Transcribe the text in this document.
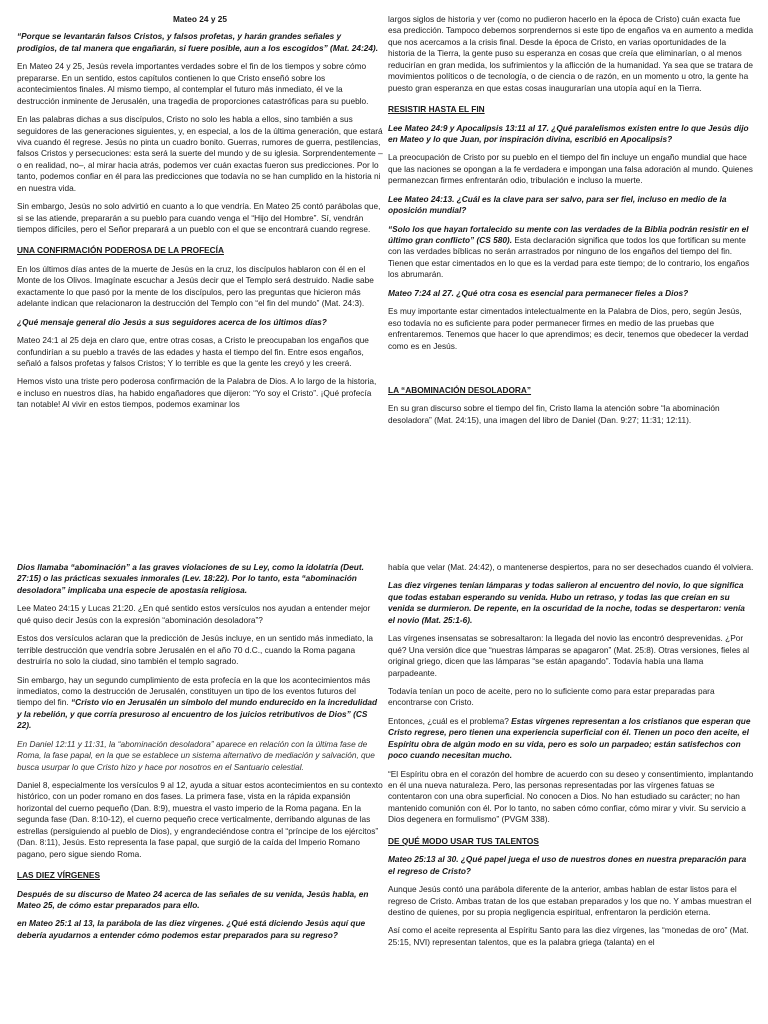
Mateo 24 y 25

“Porque se levantarán falsos Cristos, y falsos profetas, y harán grandes señales y prodigios, de tal manera que engañarán, si fuere posible, aun a los escogidos” (Mat. 24:24).

En Mateo 24 y 25, Jesús revela importantes verdades sobre el fin de los tiempos y sobre cómo prepararse. En un sentido, estos capítulos contienen lo que Cristo enseñó sobre los acontecimientos finales. Al mismo tiempo, al contemplar el futuro más inmediato, él ve la destrucción inminente de Jerusalén, una tragedia de proporciones catastróficas para su pueblo.

En las palabras dichas a sus discípulos, Cristo no solo les habla a ellos, sino también a sus seguidores de las generaciones siguientes, y, en especial, a los de la última generación, que estará viva cuando él regrese. Jesús no pinta un cuadro bonito. Guerras, rumores de guerra, pestilencias, falsos Cristos y persecuciones: esta será la suerte del mundo y de su iglesia. Sorprendentemente –o en realidad, no–, al mirar hacia atrás, podemos ver cuán exactas fueron sus predicciones. Por lo tanto, podemos confiar en él para las predicciones que todavía no se han cumplido en la historia ni en nuestra vida.

Sin embargo, Jesús no solo advirtió en cuanto a lo que vendría. En Mateo 25 contó parábolas que, si se las atiende, prepararán a su pueblo para cuando venga el “Hijo del Hombre”. Sí, vendrán tiempos difíciles, pero el Señor preparará a un pueblo con el que se encontrará cuando regrese.

UNA CONFIRMACIÓN PODEROSA DE LA PROFECÍA

En los últimos días antes de la muerte de Jesús en la cruz, los discípulos hablaron con él en el Monte de los Olivos. Imagínate escuchar a Jesús decir que el Templo será destruido. Nadie sabe exactamente lo que pasó por la mente de los discípulos, pero las preguntas que hicieron más adelante indican que relacionaron la destrucción del Templo con “el fin del mundo” (Mat. 24:3).

¿Qué mensaje general dio Jesús a sus seguidores acerca de los últimos días?

Mateo 24:1 al 25 deja en claro que, entre otras cosas, a Cristo le preocupaban los engaños que confundirían a su pueblo a través de las edades y hasta el tiempo del fin. Entre esos engaños, señaló a falsos profetas y falsos Cristos; Y lo terrible es que la gente les creyó y les creerá.

Hemos visto una triste pero poderosa confirmación de la Palabra de Dios. A lo largo de la historia, e incluso en nuestros días, ha habido engañadores que dijeron: “Yo soy el Cristo”. ¡Qué profecía tan notable! Al vivir en estos tiempos, podemos examinar los

largos siglos de historia y ver (como no pudieron hacerlo en la época de Cristo) cuán exacta fue esa predicción. Tampoco debemos sorprendernos si este tipo de engaños va en aumento a medida que nos acercamos a la crisis final. Desde la época de Cristo, en varias oportunidades de la historia de la Tierra, la gente puso su esperanza en cosas que creía que eliminarían, o al menos reducirían en gran medida, los sufrimientos y la aflicción de la humanidad. Ya sea que se tratara de movimientos políticos o de tecnología, o de ciencia o de razón, en un momento u otro, la gente ha puesto gran esperanza en que estas cosas inaugurarían una utopía aquí en la Tierra.

RESISTIR HASTA EL FIN

Lee Mateo 24:9 y Apocalipsis 13:11 al 17. ¿Qué paralelismos existen entre lo que Jesús dijo en Mateo y lo que Juan, por inspiración divina, escribió en Apocalipsis?

La preocupación de Cristo por su pueblo en el tiempo del fin incluye un engaño mundial que hace que las naciones se opongan a la fe verdadera e impongan una falsa adoración al mundo. Quienes permanezcan firmes enfrentarán odio, tribulación e incluso la muerte.

Lee Mateo 24:13. ¿Cuál es la clave para ser salvo, para ser fiel, incluso en medio de la oposición mundial?

“Solo los que hayan fortalecido su mente con las verdades de la Biblia podrán resistir en el último gran conflicto” (CS 580). Esta declaración significa que todos los que fortifican su mente con las verdades bíblicas no serán arrastrados por ninguno de los engaños del tiempo del fin. Tienen que estar cimentados en lo que es la verdad para este tiempo; de lo contrario, los engaños los abrumarán.

Mateo 7:24 al 27. ¿Qué otra cosa es esencial para permanecer fieles a Dios?

Es muy importante estar cimentados intelectualmente en la Palabra de Dios, pero, según Jesús, eso todavía no es suficiente para poder permanecer firmes en medio de las pruebas que enfrentaremos. Tenemos que hacer lo que aprendimos; es decir, tenemos que obedecer la verdad como es en Jesús.

LA “ABOMINACIÓN DESOLADORA”

En su gran discurso sobre el tiempo del fin, Cristo llama la atención sobre “la abominación desoladora” (Mat. 24:15), una imagen del libro de Daniel (Dan. 9:27; 11:31; 12:11).

Dios llamaba “abominación” a las graves violaciones de su Ley, como la idolatría (Deut. 27:15) o las prácticas sexuales inmorales (Lev. 18:22). Por lo tanto, esta “abominación desoladora” implicaba una especie de apostasía religiosa.

Lee Mateo 24:15 y Lucas 21:20. ¿En qué sentido estos versículos nos ayudan a entender mejor qué quiso decir Jesús con la expresión “abominación desoladora”?

Estos dos versículos aclaran que la predicción de Jesús incluye, en un sentido más inmediato, la terrible destrucción que vendría sobre Jerusalén en el año 70 d.C., cuando la Roma pagana destruiría no solo la ciudad, sino también el templo sagrado.

Sin embargo, hay un segundo cumplimiento de esta profecía en la que los acontecimientos más inmediatos, como la destrucción de Jerusalén, constituyen un tipo de los eventos futuros del tiempo del fin. “Cristo vio en Jerusalén un símbolo del mundo endurecido en la incredulidad y la rebelión, y que corría presuroso al encuentro de los juicios retributivos de Dios” (CS 22).

En Daniel 12:11 y 11:31, la “abominación desoladora” aparece en relación con la última fase de Roma, la fase papal, en la que se establece un sistema alternativo de mediación y salvación, que busca usurpar lo que Cristo hizo y hace por nosotros en el Santuario celestial.

Daniel 8, especialmente los versículos 9 al 12, ayuda a situar estos acontecimientos en su contexto histórico, con un poder romano en dos fases. La primera fase, vista en la rápida expansión horizontal del cuerno pequeño (Dan. 8:9), muestra el vasto imperio de la Roma pagana. En la segunda fase (Dan. 8:10-12), el cuerno pequeño crece verticalmente, derribando algunas de las estrellas (persiguiendo al pueblo de Dios), y engrandeciéndose contra el “príncipe de los ejércitos” (Dan. 8:11), Jesús. Esto representa la fase papal, que surgió de la caída del Imperio Romano pagano, pero sigue siendo Roma.

LAS DIEZ VÍRGENES

Después de su discurso de Mateo 24 acerca de las señales de su venida, Jesús habla, en Mateo 25, de cómo estar preparados para ello.

en Mateo 25:1 al 13, la parábola de las diez vírgenes. ¿Qué está diciendo Jesús aquí que debería ayudarnos a entender cómo podemos estar preparados para su regreso?

había que velar (Mat. 24:42), o mantenerse despiertos, para no ser desechados cuando él volviera.

Las diez vírgenes tenían lámparas y todas salieron al encuentro del novio, lo que significa que todas estaban esperando su venida. Hubo un retraso, y todas las que creían en su venida se durmieron. De repente, en la oscuridad de la noche, todas se despertaron: venía el novio (Mat. 25:1-6).

Las vírgenes insensatas se sobresaltaron: la llegada del novio las encontró desprevenidas. ¿Por qué? Una versión dice que “nuestras lámparas se apagaron” (Mat. 25:8). Otras versiones, fieles al original griego, dicen que las lámparas “se están apagando”. Todavía había una llama parpadeante.

Todavía tenían un poco de aceite, pero no lo suficiente como para estar preparadas para encontrarse con Cristo.

Entonces, ¿cuál es el problema? Estas vírgenes representan a los cristianos que esperan que Cristo regrese, pero tienen una experiencia superficial con él. Tienen un poco den aceite, el Espíritu obra de algún modo en su vida, pero es solo un parpadeo; están satisfechos con poco cuando necesitan mucho.

“El Espíritu obra en el corazón del hombre de acuerdo con su deseo y consentimiento, implantando en él una nueva naturaleza. Pero, las personas representadas por las vírgenes fatuas se contentaron con una obra superficial. No conocen a Dios. No han estudiado su carácter; no han mantenido comunión con él. Por lo tanto, no saben cómo confiar, cómo mirar y vivir. Su servicio a Dios degenera en formulismo” (PVGM 338).

DE QUÉ MODO USAR TUS TALENTOS

Mateo 25:13 al 30. ¿Qué papel juega el uso de nuestros dones en nuestra preparación para el regreso de Cristo?

Aunque Jesús contó una parábola diferente de la anterior, ambas hablan de estar listos para el regreso de Cristo. Ambas tratan de los que estaban preparados y los que no. Y ambas muestran el destino de quienes, por su propia negligencia espiritual, enfrentaron la perdición eterna.

Así como el aceite representa al Espíritu Santo para las diez vírgenes, las “monedas de oro” (Mat. 25:15, NVI) representan talentos, que es la palabra griega (talanta) en el
